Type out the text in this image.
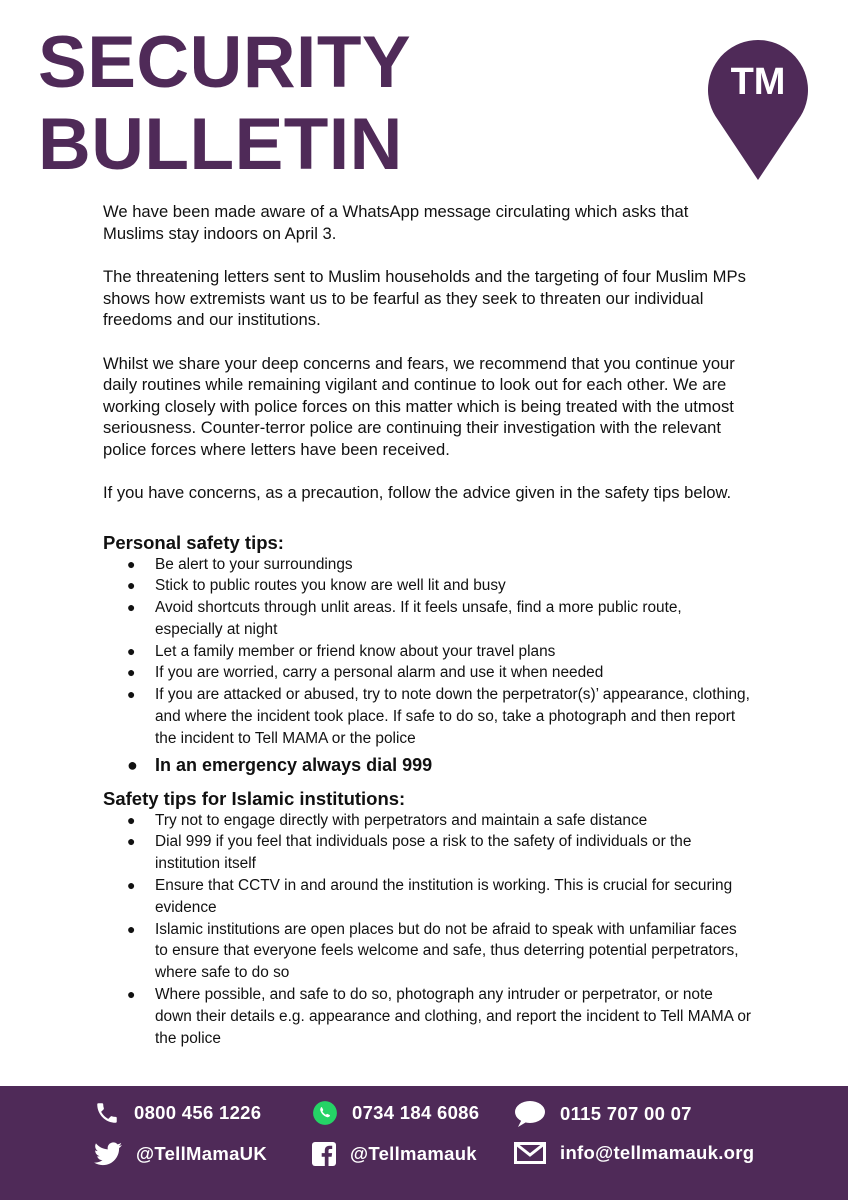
SECURITY
BULLETIN
TM

We have been made aware of a WhatsApp message circulating which asks that Muslims stay indoors on April 3.

The threatening letters sent to Muslim households and the targeting of four Muslim MPs shows how extremists want us to be fearful as they seek to threaten our individual freedoms and our institutions.

Whilst we share your deep concerns and fears, we recommend that you continue your daily routines while remaining vigilant and continue to look out for each other. We are working closely with police forces on this matter which is being treated with the utmost seriousness. Counter-terror police are continuing their investigation with the relevant police forces where letters have been received.

If you have concerns, as a precaution, follow the advice given in the safety tips below.

Personal safety tips:
● Be alert to your surroundings
● Stick to public routes you know are well lit and busy
● Avoid shortcuts through unlit areas. If it feels unsafe, find a more public route, especially at night
● Let a family member or friend know about your travel plans
● If you are worried, carry a personal alarm and use it when needed
● If you are attacked or abused, try to note down the perpetrator(s)’ appearance, clothing, and where the incident took place. If safe to do so, take a photograph and then report the incident to Tell MAMA or the police
● In an emergency always dial 999
Safety tips for Islamic institutions:
● Try not to engage directly with perpetrators and maintain a safe distance
● Dial 999 if you feel that individuals pose a risk to the safety of individuals or the institution itself
● Ensure that CCTV in and around the institution is working. This is crucial for securing evidence
● Islamic institutions are open places but do not be afraid to speak with unfamiliar faces to ensure that everyone feels welcome and safe, thus deterring potential perpetrators, where safe to do so
● Where possible, and safe to do so, photograph any intruder or perpetrator, or note down their details e.g. appearance and clothing, and report the incident to Tell MAMA or the police
0800 456 1226	0734 184 6086	0115 707 00 07
@TellMamaUK	@Tellmamauk	info@tellmamauk.org
